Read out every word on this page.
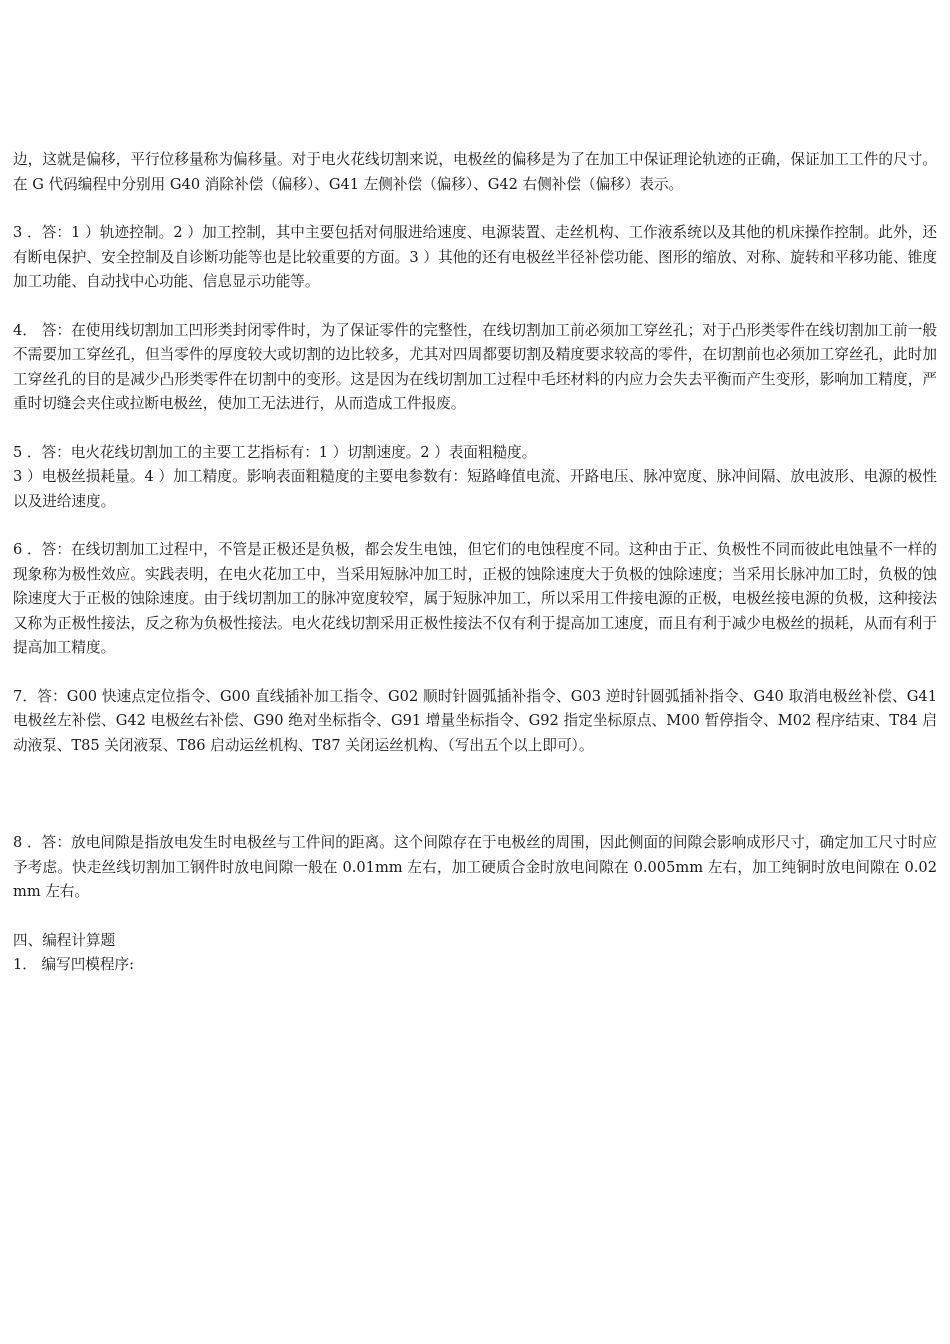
边，这就是偏移，平行位移量称为偏移量。对于电火花线切割来说，电极丝的偏移是为了在加工中保证理论轨迹的正确，保证加工工件的尺寸。在 G 代码编程中分别用 G40 消除补偿（偏移）、G41 左侧补偿（偏移）、G42 右侧补偿（偏移）表示。

3 ．答：1 ）轨迹控制。2 ）加工控制，其中主要包括对伺服进给速度、电源装置、走丝机构、工作液系统以及其他的机床操作控制。此外，还有断电保护、安全控制及自诊断功能等也是比较重要的方面。3 ）其他的还有电极丝半径补偿功能、图形的缩放、对称、旋转和平移功能、锥度加工功能、自动找中心功能、信息显示功能等。

4． 答：在使用线切割加工凹形类封闭零件时，为了保证零件的完整性，在线切割加工前必须加工穿丝孔；对于凸形类零件在线切割加工前一般不需要加工穿丝孔，但当零件的厚度较大或切割的边比较多，尤其对四周都要切割及精度要求较高的零件，在切割前也必须加工穿丝孔，此时加工穿丝孔的目的是减少凸形类零件在切割中的变形。这是因为在线切割加工过程中毛坯材料的内应力会失去平衡而产生变形，影响加工精度，严重时切缝会夹住或拉断电极丝，使加工无法进行，从而造成工件报废。

5 ．答：电火花线切割加工的主要工艺指标有：1 ）切割速度。2 ）表面粗糙度。

3 ）电极丝损耗量。4 ）加工精度。影响表面粗糙度的主要电参数有：短路峰值电流、开路电压、脉冲宽度、脉冲间隔、放电波形、电源的极性以及进给速度。

6 ．答：在线切割加工过程中，不管是正极还是负极，都会发生电蚀，但它们的电蚀程度不同。这种由于正、负极性不同而彼此电蚀量不一样的现象称为极性效应。实践表明，在电火花加工中，当采用短脉冲加工时，正极的蚀除速度大于负极的蚀除速度；当采用长脉冲加工时，负极的蚀除速度大于正极的蚀除速度。由于线切割加工的脉冲宽度较窄，属于短脉冲加工，所以采用工件接电源的正极，电极丝接电源的负极，这种接法又称为正极性接法，反之称为负极性接法。电火花线切割采用正极性接法不仅有利于提高加工速度，而且有利于减少电极丝的损耗，从而有利于提高加工精度。

7．答：G00 快速点定位指令、G00 直线插补加工指令、G02 顺时针圆弧插补指令、G03 逆时针圆弧插补指令、G40 取消电极丝补偿、G41 电极丝左补偿、G42 电极丝右补偿、G90 绝对坐标指令、G91 增量坐标指令、G92 指定坐标原点、M00 暂停指令、M02 程序结束、T84 启动液泵、T85 关闭液泵、T86 启动运丝机构、T87 关闭运丝机构、（写出五个以上即可）。

8 ．答：放电间隙是指放电发生时电极丝与工件间的距离。这个间隙存在于电极丝的周围，因此侧面的间隙会影响成形尺寸，确定加工尺寸时应予考虑。快走丝线切割加工钢件时放电间隙一般在 0.01mm 左右，加工硬质合金时放电间隙在 0.005mm 左右，加工纯铜时放电间隙在 0.02mm 左右。

四、编程计算题

1． 编写凹模程序:
